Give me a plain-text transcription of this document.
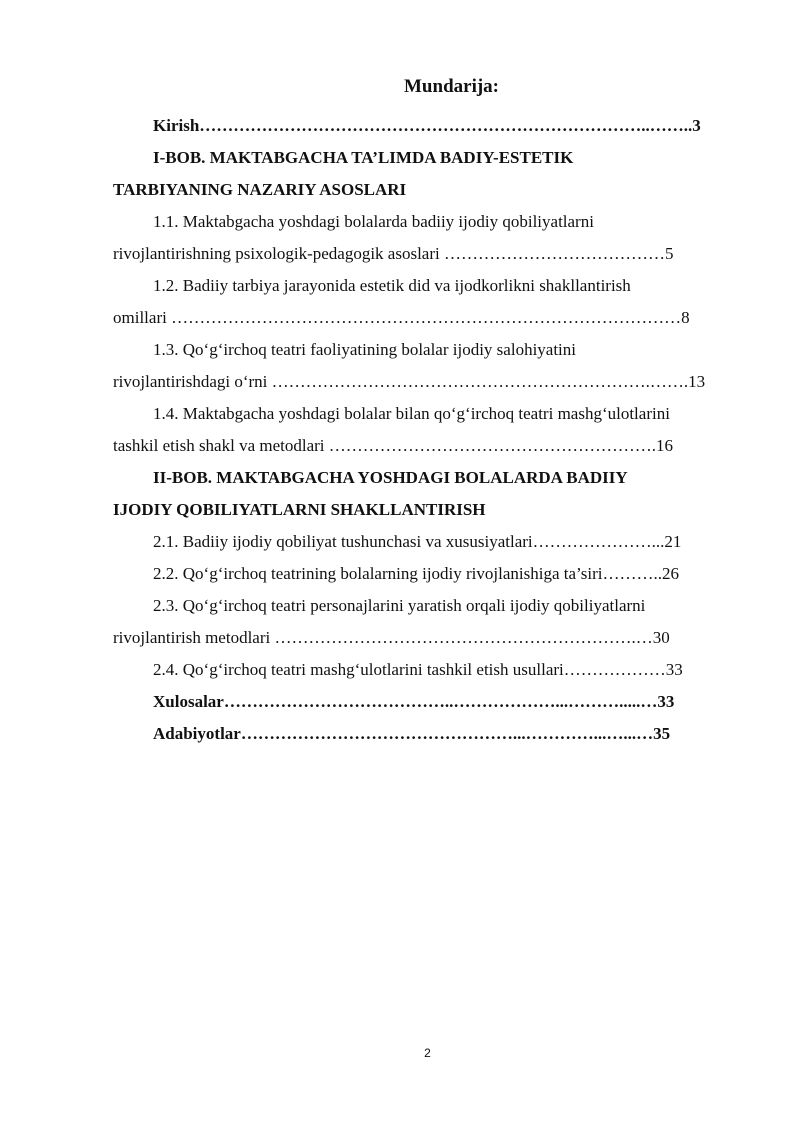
Mundarija:
Kirish……………………………………………………………………..……..3
I-BOB. MAKTABGACHA TA’LIMDA BADIY-ESTETIK
TARBIYANING NAZARIY ASOSLARI
1.1. Maktabgacha yoshdagi bolalarda badiiy ijodiy qobiliyatlarni
rivojlantirishning psixologik-pedagogik asoslari …………………………………5
1.2. Badiiy tarbiya jarayonida estetik did va ijodkorlikni shakllantirish
omillari ………………………………………………………………………………8
1.3. Qo‘g‘irchoq teatri faoliyatining bolalar ijodiy salohiyatini
rivojlantirishdagi o‘rni ………………………………………………………….…….13
1.4. Maktabgacha yoshdagi bolalar bilan qo‘g‘irchoq teatri mashg‘ulotlarini
tashkil etish shakl va metodlari ………………………………………………….16
II-BOB. MAKTABGACHA YOSHDAGI BOLALARDA BADIIY
IJODIY QOBILIYATLARNI SHAKLLANTIRISH
2.1. Badiiy ijodiy qobiliyat tushunchasi va xususiyatlari…………………...21
2.2. Qo‘g‘irchoq teatrining bolalarning ijodiy rivojlanishiga ta’siri………..26
2.3. Qo‘g‘irchoq teatri personajlarini yaratish orqali ijodiy qobiliyatlarni
rivojlantirish metodlari ……………………………………………………….…30
2.4. Qo‘g‘irchoq teatri mashg‘ulotlarini tashkil etish usullari………………33
Xulosalar…………………………………..………………...……….....…33
Adabiyotlar…………………………………………...…………...…...…35
2
